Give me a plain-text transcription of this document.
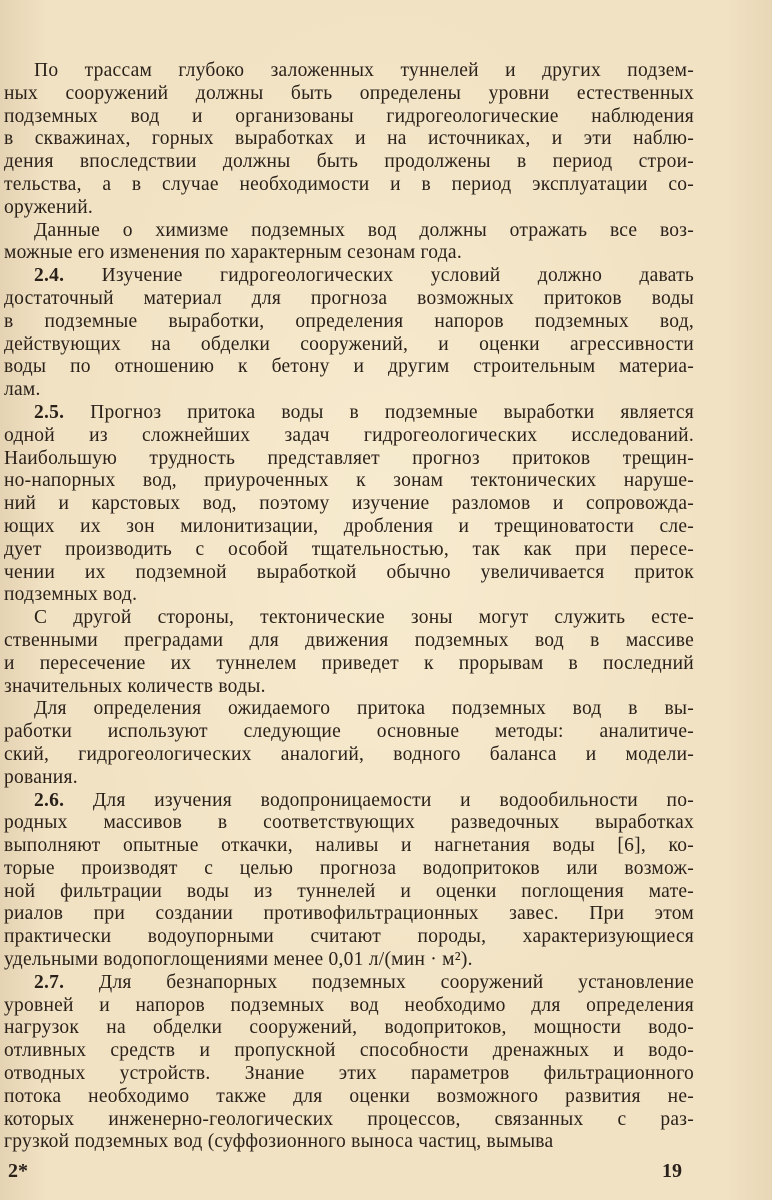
По трассам глубоко заложенных туннелей и других подзем-
ных сооружений должны быть определены уровни естественных
подземных вод и организованы гидрогеологические наблюдения
в скважинах, горных выработках и на источниках, и эти наблю-
дения впоследствии должны быть продолжены в период строи-
тельства, а в случае необходимости и в период эксплуатации со-
оружений.
Данные о химизме подземных вод должны отражать все воз-
можные его изменения по характерным сезонам года.
2.4. Изучение гидрогеологических условий должно давать
достаточный материал для прогноза возможных притоков воды
в подземные выработки, определения напоров подземных вод,
действующих на обделки сооружений, и оценки агрессивности
воды по отношению к бетону и другим строительным материа-
лам.
2.5. Прогноз притока воды в подземные выработки является
одной из сложнейших задач гидрогеологических исследований.
Наибольшую трудность представляет прогноз притоков трещин-
но-напорных вод, приуроченных к зонам тектонических наруше-
ний и карстовых вод, поэтому изучение разломов и сопровожда-
ющих их зон милонитизации, дробления и трещиноватости сле-
дует производить с особой тщательностью, так как при пересе-
чении их подземной выработкой обычно увеличивается приток
подземных вод.
С другой стороны, тектонические зоны могут служить есте-
ственными преградами для движения подземных вод в массиве
и пересечение их туннелем приведет к прорывам в последний
значительных количеств воды.
Для определения ожидаемого притока подземных вод в вы-
работки используют следующие основные методы: аналитиче-
ский, гидрогеологических аналогий, водного баланса и модели-
рования.
2.6. Для изучения водопроницаемости и водообильности по-
родных массивов в соответствующих разведочных выработках
выполняют опытные откачки, наливы и нагнетания воды [6], ко-
торые производят с целью прогноза водопритоков или возмож-
ной фильтрации воды из туннелей и оценки поглощения мате-
риалов при создании противофильтрационных завес. При этом
практически водоупорными считают породы, характеризующиеся
удельными водопоглощениями менее 0,01 л/(мин · м²).
2.7. Для безнапорных подземных сооружений установление
уровней и напоров подземных вод необходимо для определения
нагрузок на обделки сооружений, водопритоков, мощности водо-
отливных средств и пропускной способности дренажных и водо-
отводных устройств. Знание этих параметров фильтрационного
потока необходимо также для оценки возможного развития не-
которых инженерно-геологических процессов, связанных с раз-
грузкой подземных вод (суффозионного выноса частиц, вымыва
2*	19
